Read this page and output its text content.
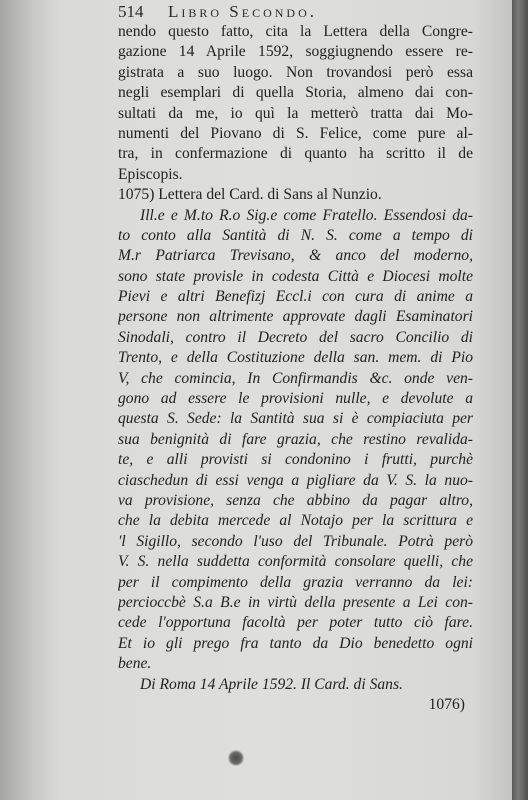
514 Libro Secondo.
nendo questo fatto, cita la Lettera della Congre-
gazione 14 Aprile 1592, soggiugnendo essere re-
gistrata a suo luogo. Non trovandosi però essa
negli esemplari di quella Storia, almeno dai con-
sultati da me, io quì la metterò tratta dai Mo-
numenti del Piovano di S. Felice, come pure al-
tra, in confermazione di quanto ha scritto il de
Episcopis.
1075) Lettera del Card. di Sans al Nunzio.
Ill.e e M.to R.o Sig.e come Fratello. Essendosi da-
to conto alla Santità di N. S. come a tempo di
M.r Patriarca Trevisano, & anco del moderno,
sono state provisle in codesta Città e Diocesi molte
Pievi e altri Benefizj Eccl.i con cura di anime a
persone non altrimente approvate dagli Esaminatori
Sinodali, contro il Decreto del sacro Concilio di
Trento, e della Costituzione della san. mem. di Pio
V, che comincia, In Confirmandis &c. onde ven-
gono ad essere le provisioni nulle, e devolute a
questa S. Sede: la Santità sua si è compiaciuta per
sua benignità di fare grazia, che restino revalida-
te, e alli provisti si condonino i frutti, purchè
ciaschedun di essi venga a pigliare da V. S. la nuo-
va provisione, senza che abbino da pagar altro,
che la debita mercede al Notajo per la scrittura e
'l Sigillo, secondo l'uso del Tribunale. Potrà però
V. S. nella suddetta conformità consolare quelli, che
per il compimento della grazia verranno da lei:
percioccbè S.a B.e in virtù della presente a Lei con-
cede l'opportuna facoltà per poter tutto ciò fare.
Et io gli prego fra tanto da Dio benedetto ogni
bene.
Di Roma 14 Aprile 1592. Il Card. di Sans.
1076)
